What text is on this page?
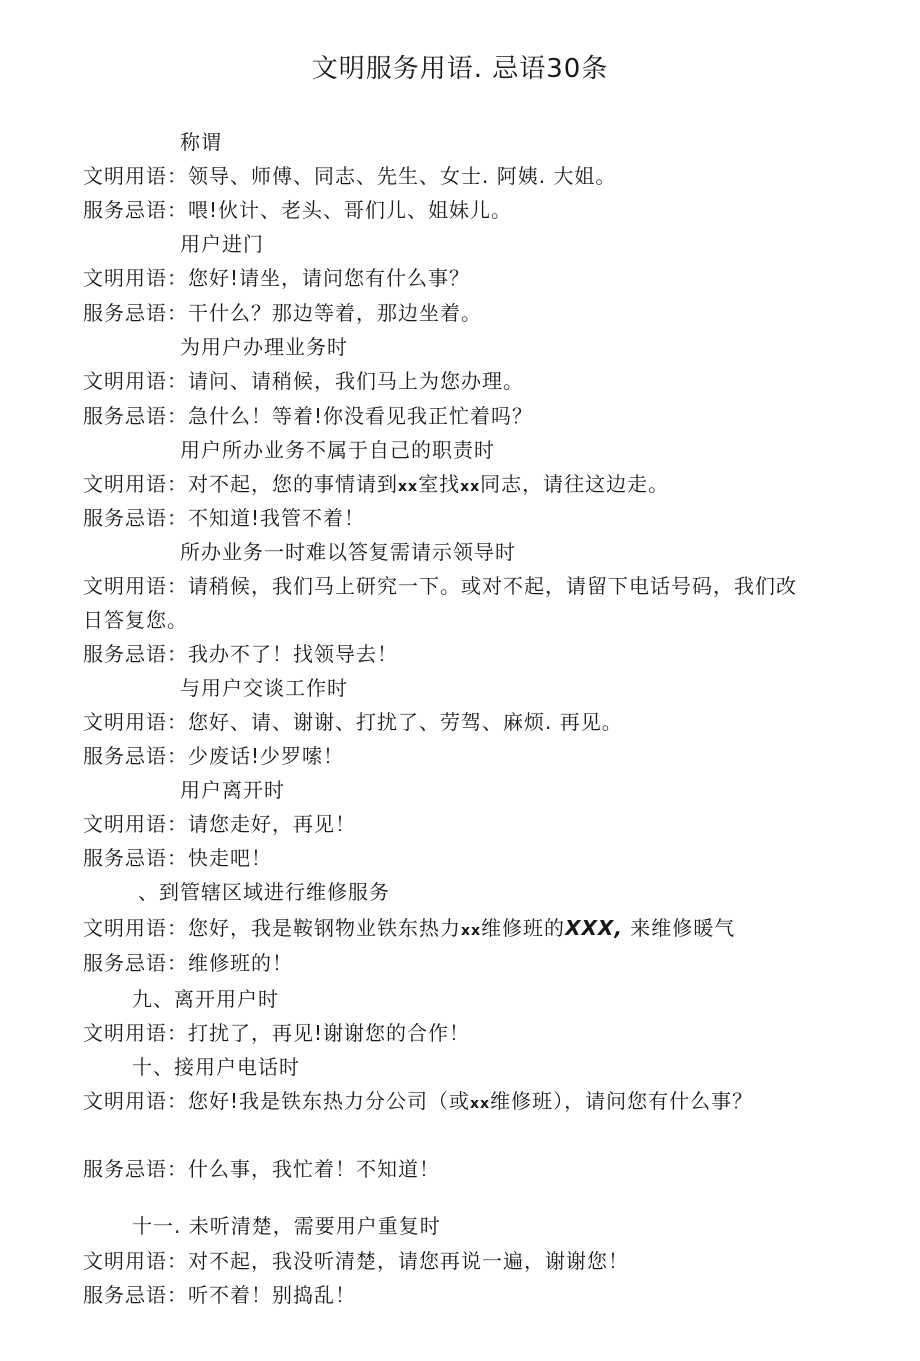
文明服务用语. 忌语30条
称谓
文明用语：领导、师傅、同志、先生、女士. 阿姨. 大姐。
服务忌语：喂!伙计、老头、哥们儿、姐妹儿。
用户进门
文明用语：您好!请坐，请问您有什么事？
服务忌语：干什么？那边等着，那边坐着。
为用户办理业务时
文明用语：请问、请稍候，我们马上为您办理。
服务忌语：急什么！等着!你没看见我正忙着吗？
用户所办业务不属于自己的职责时
文明用语：对不起，您的事情请到xx室找xx同志，请往这边走。
服务忌语：不知道!我管不着！
所办业务一时难以答复需请示领导时
文明用语：请稍候，我们马上研究一下。或对不起，请留下电话号码，我们改日答复您。
服务忌语：我办不了！找领导去！
与用户交谈工作时
文明用语：您好、请、谢谢、打扰了、劳驾、麻烦. 再见。
服务忌语：少废话!少罗嗦！
用户离开时
文明用语：请您走好，再见！
服务忌语：快走吧！
、到管辖区域进行维修服务
文明用语：您好，我是鞍钢物业铁东热力xx维修班的XXX, 来维修暖气
服务忌语：维修班的！
九、离开用户时
文明用语：打扰了，再见!谢谢您的合作！
十、接用户电话时
文明用语：您好!我是铁东热力分公司（或xx维修班），请问您有什么事？
服务忌语：什么事，我忙着！不知道！
十一. 未听清楚，需要用户重复时
文明用语：对不起，我没听清楚，请您再说一遍，谢谢您！
服务忌语：听不着！别捣乱！
